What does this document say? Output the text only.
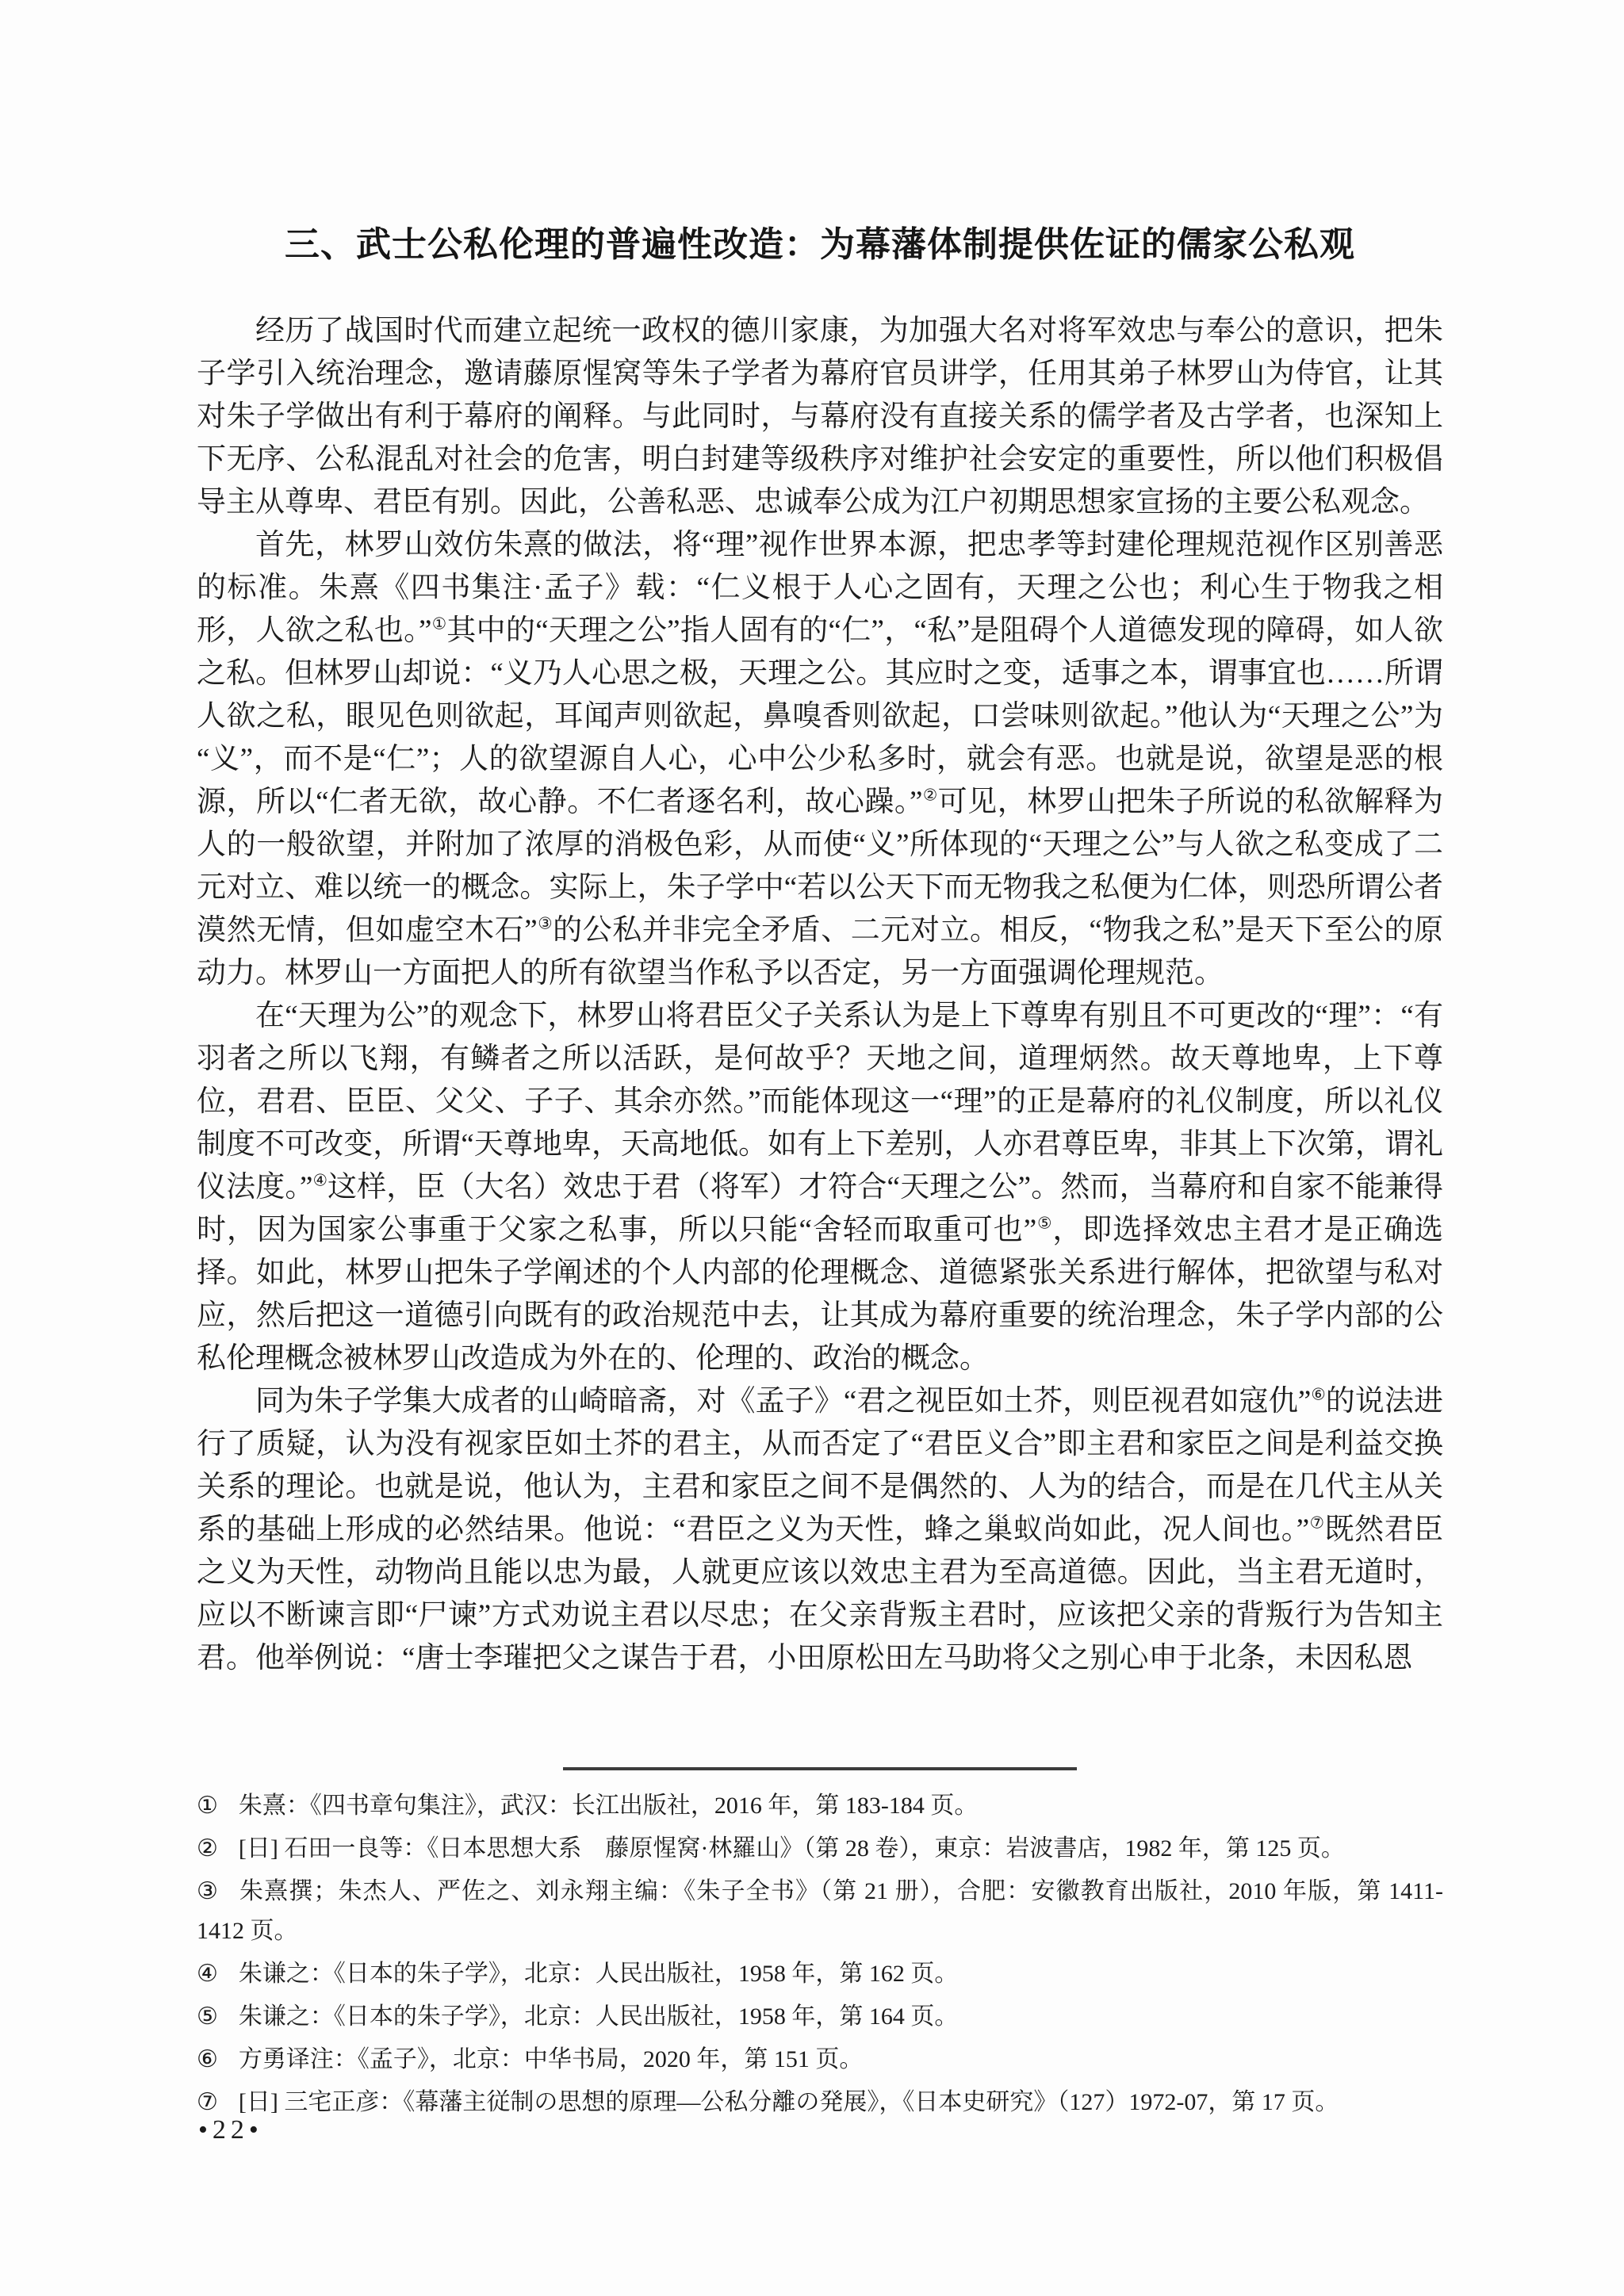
三、武士公私伦理的普遍性改造：为幕藩体制提供佐证的儒家公私观

经历了战国时代而建立起统一政权的德川家康，为加强大名对将军效忠与奉公的意识，把朱子学引入统治理念，邀请藤原惺窝等朱子学者为幕府官员讲学，任用其弟子林罗山为侍官，让其对朱子学做出有利于幕府的阐释。与此同时，与幕府没有直接关系的儒学者及古学者，也深知上下无序、公私混乱对社会的危害，明白封建等级秩序对维护社会安定的重要性，所以他们积极倡导主从尊卑、君臣有别。因此，公善私恶、忠诚奉公成为江户初期思想家宣扬的主要公私观念。

首先，林罗山效仿朱熹的做法，将“理”视作世界本源，把忠孝等封建伦理规范视作区别善恶的标准。朱熹《四书集注·孟子》载：“仁义根于人心之固有，天理之公也；利心生于物我之相形，人欲之私也。”①其中的“天理之公”指人固有的“仁”，“私”是阻碍个人道德发现的障碍，如人欲之私。但林罗山却说：“义乃人心思之极，天理之公。其应时之变，适事之本，谓事宜也……所谓人欲之私，眼见色则欲起，耳闻声则欲起，鼻嗅香则欲起，口尝味则欲起。”他认为“天理之公”为“义”，而不是“仁”；人的欲望源自人心，心中公少私多时，就会有恶。也就是说，欲望是恶的根源，所以“仁者无欲，故心静。不仁者逐名利，故心躁。”②可见，林罗山把朱子所说的私欲解释为人的一般欲望，并附加了浓厚的消极色彩，从而使“义”所体现的“天理之公”与人欲之私变成了二元对立、难以统一的概念。实际上，朱子学中“若以公天下而无物我之私便为仁体，则恐所谓公者漠然无情，但如虚空木石”③的公私并非完全矛盾、二元对立。相反，“物我之私”是天下至公的原动力。林罗山一方面把人的所有欲望当作私予以否定，另一方面强调伦理规范。

在“天理为公”的观念下，林罗山将君臣父子关系认为是上下尊卑有别且不可更改的“理”：“有羽者之所以飞翔，有鳞者之所以活跃，是何故乎？天地之间，道理炳然。故天尊地卑，上下尊位，君君、臣臣、父父、子子、其余亦然。”而能体现这一“理”的正是幕府的礼仪制度，所以礼仪制度不可改变，所谓“天尊地卑，天高地低。如有上下差别，人亦君尊臣卑，非其上下次第，谓礼仪法度。”④这样，臣（大名）效忠于君（将军）才符合“天理之公”。然而，当幕府和自家不能兼得时，因为国家公事重于父家之私事，所以只能“舍轻而取重可也”⑤，即选择效忠主君才是正确选择。如此，林罗山把朱子学阐述的个人内部的伦理概念、道德紧张关系进行解体，把欲望与私对应，然后把这一道德引向既有的政治规范中去，让其成为幕府重要的统治理念，朱子学内部的公私伦理概念被林罗山改造成为外在的、伦理的、政治的概念。

同为朱子学集大成者的山崎暗斋，对《孟子》“君之视臣如土芥，则臣视君如寇仇”⑥的说法进行了质疑，认为没有视家臣如土芥的君主，从而否定了“君臣义合”即主君和家臣之间是利益交换关系的理论。也就是说，他认为，主君和家臣之间不是偶然的、人为的结合，而是在几代主从关系的基础上形成的必然结果。他说：“君臣之义为天性，蜂之巢蚁尚如此，况人间也。”⑦既然君臣之义为天性，动物尚且能以忠为最，人就更应该以效忠主君为至高道德。因此，当主君无道时，应以不断谏言即“尸谏”方式劝说主君以尽忠；在父亲背叛主君时，应该把父亲的背叛行为告知主君。他举例说：“唐士李璀把父之谋告于君，小田原松田左马助将父之别心申于北条，未因私恩

① 朱熹：《四书章句集注》，武汉：长江出版社，2016 年，第 183-184 页。
② [日] 石田一良等：《日本思想大系　藤原惺窝·林羅山》（第 28 卷），東京：岩波書店，1982 年，第 125 页。
③ 朱熹撰；朱杰人、严佐之、刘永翔主编：《朱子全书》（第 21 册），合肥：安徽教育出版社，2010 年版，第 1411-1412 页。
④ 朱谦之：《日本的朱子学》，北京：人民出版社，1958 年，第 162 页。
⑤ 朱谦之：《日本的朱子学》，北京：人民出版社，1958 年，第 164 页。
⑥ 方勇译注：《孟子》，北京：中华书局，2020 年，第 151 页。
⑦ [日] 三宅正彦：《幕藩主従制の思想的原理—公私分離の発展》，《日本史研究》（127）1972-07，第 17 页。
•22•
